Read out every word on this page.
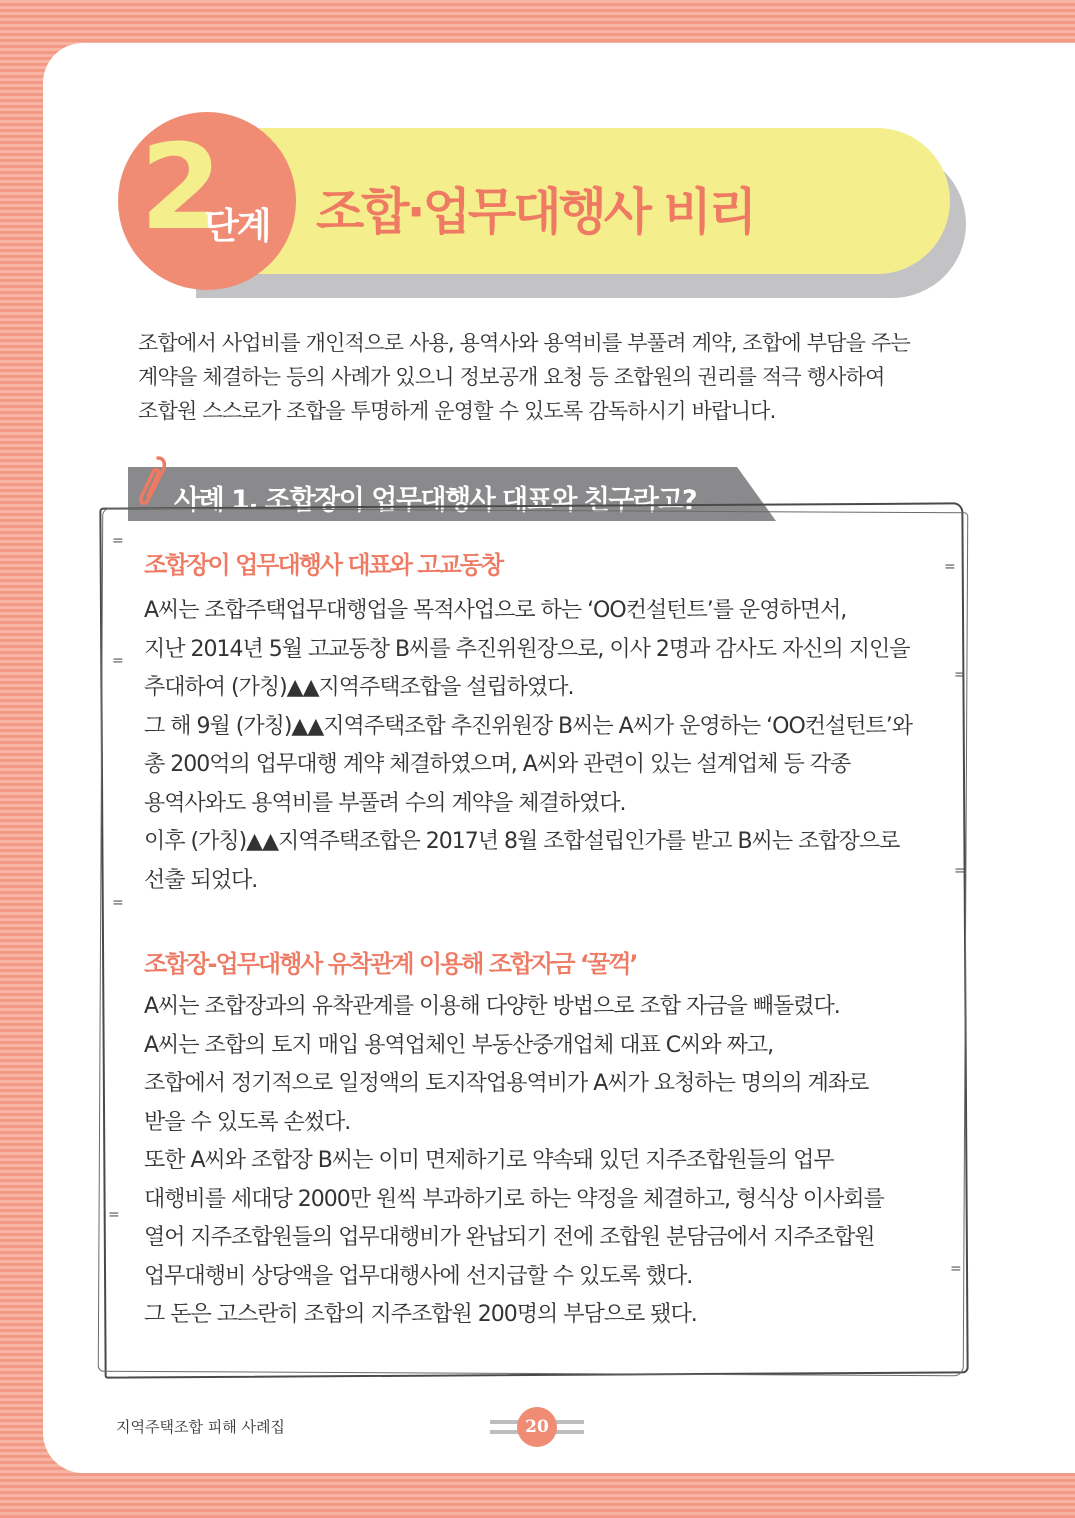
2
단계 조합·업무대행사 비리
조합에서 사업비를 개인적으로 사용, 용역사와 용역비를 부풀려 계약, 조합에 부담을 주는
계약을 체결하는 등의 사례가 있으니 정보공개 요청 등 조합원의 권리를 적극 행사하여
조합원 스스로가 조합을 투명하게 운영할 수 있도록 감독하시기 바랍니다.
사례 1. 조합장이 업무대행사 대표와 친구라고?
=
=
=
=
=
=
=
=
조합장이 업무대행사 대표와 고교동창
A씨는 조합주택업무대행업을 목적사업으로 하는 ‘OO컨설턴트’를 운영하면서,
지난 2014년 5월 고교동창 B씨를 추진위원장으로, 이사 2명과 감사도 자신의 지인을
추대하여 (가칭)▲▲지역주택조합을 설립하였다.
그 해 9월 (가칭)▲▲지역주택조합 추진위원장 B씨는 A씨가 운영하는 ‘OO컨설턴트’와
총 200억의 업무대행 계약 체결하였으며, A씨와 관련이 있는 설계업체 등 각종
용역사와도 용역비를 부풀려 수의 계약을 체결하였다.
이후 (가칭)▲▲지역주택조합은 2017년 8월 조합설립인가를 받고 B씨는 조합장으로
선출 되었다.
조합장-업무대행사 유착관계 이용해 조합자금 ‘꿀꺽’
A씨는 조합장과의 유착관계를 이용해 다양한 방법으로 조합 자금을 빼돌렸다.
A씨는 조합의 토지 매입 용역업체인 부동산중개업체 대표 C씨와 짜고,
조합에서 정기적으로 일정액의 토지작업용역비가 A씨가 요청하는 명의의 계좌로
받을 수 있도록 손썼다.
또한 A씨와 조합장 B씨는 이미 면제하기로 약속돼 있던 지주조합원들의 업무
대행비를 세대당 2000만 원씩 부과하기로 하는 약정을 체결하고, 형식상 이사회를
열어 지주조합원들의 업무대행비가 완납되기 전에 조합원 분담금에서 지주조합원
업무대행비 상당액을 업무대행사에 선지급할 수 있도록 했다.
그 돈은 고스란히 조합의 지주조합원 200명의 부담으로 됐다.
지역주택조합 피해 사례집	20
